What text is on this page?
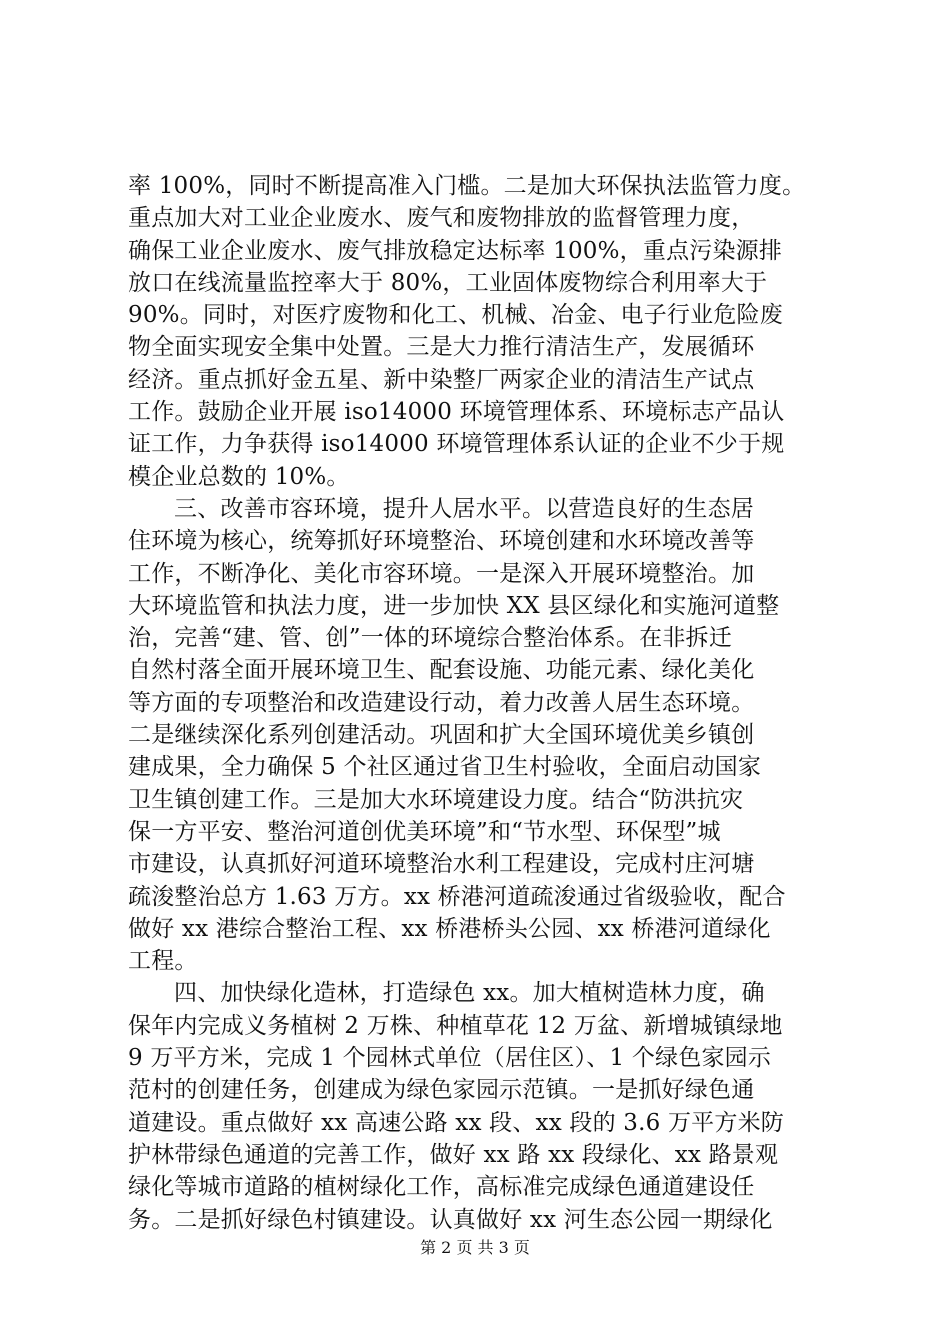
率 100%，同时不断提高准入门槛。二是加大环保执法监管力度。
重点加大对工业企业废水、废气和废物排放的监督管理力度，
确保工业企业废水、废气排放稳定达标率 100%，重点污染源排
放口在线流量监控率大于 80%，工业固体废物综合利用率大于
90%。同时，对医疗废物和化工、机械、冶金、电子行业危险废
物全面实现安全集中处置。三是大力推行清洁生产，发展循环
经济。重点抓好金五星、新中染整厂两家企业的清洁生产试点
工作。鼓励企业开展 iso14000 环境管理体系、环境标志产品认
证工作，力争获得 iso14000 环境管理体系认证的企业不少于规
模企业总数的 10%。
三、改善市容环境，提升人居水平。以营造良好的生态居
住环境为核心，统筹抓好环境整治、环境创建和水环境改善等
工作，不断净化、美化市容环境。一是深入开展环境整治。加
大环境监管和执法力度，进一步加快 XX 县区绿化和实施河道整
治，完善“建、管、创”一体的环境综合整治体系。在非拆迁
自然村落全面开展环境卫生、配套设施、功能元素、绿化美化
等方面的专项整治和改造建设行动，着力改善人居生态环境。
二是继续深化系列创建活动。巩固和扩大全国环境优美乡镇创
建成果，全力确保 5 个社区通过省卫生村验收，全面启动国家
卫生镇创建工作。三是加大水环境建设力度。结合“防洪抗灾
保一方平安、整治河道创优美环境”和“节水型、环保型”城
市建设，认真抓好河道环境整治水利工程建设，完成村庄河塘
疏浚整治总方 1.63 万方。xx 桥港河道疏浚通过省级验收，配合
做好 xx 港综合整治工程、xx 桥港桥头公园、xx 桥港河道绿化
工程。
四、加快绿化造林，打造绿色 xx。加大植树造林力度，确
保年内完成义务植树 2 万株、种植草花 12 万盆、新增城镇绿地
9 万平方米，完成 1 个园林式单位（居住区）、1 个绿色家园示
范村的创建任务，创建成为绿色家园示范镇。一是抓好绿色通
道建设。重点做好 xx 高速公路 xx 段、xx 段的 3.6 万平方米防
护林带绿色通道的完善工作，做好 xx 路 xx 段绿化、xx 路景观
绿化等城市道路的植树绿化工作，高标准完成绿色通道建设任
务。二是抓好绿色村镇建设。认真做好 xx 河生态公园一期绿化
第 2 页 共 3 页
